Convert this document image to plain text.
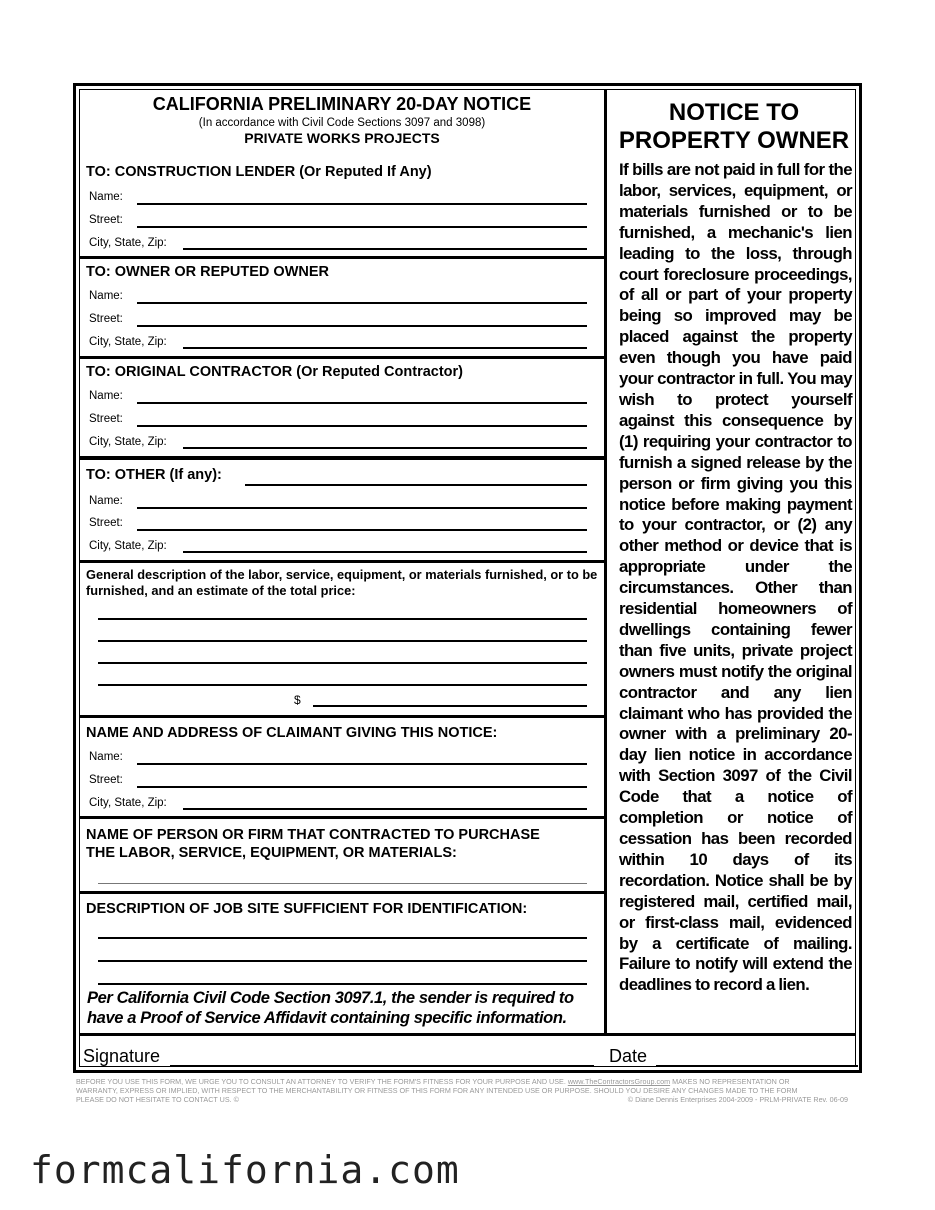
CALIFORNIA PRELIMINARY 20-DAY NOTICE
(In accordance with Civil Code Sections 3097 and 3098)
PRIVATE WORKS PROJECTS
TO: CONSTRUCTION LENDER (Or Reputed If Any)
Name:
Street:
City, State, Zip:
TO: OWNER OR REPUTED OWNER
Name:
Street:
City, State, Zip:
TO: ORIGINAL CONTRACTOR (Or Reputed Contractor)
Name:
Street:
City, State, Zip:
TO: OTHER (If any):
Name:
Street:
City, State, Zip:
General description of the labor, service, equipment, or materials furnished, or to be furnished, and an estimate of the total price:
$
NAME AND ADDRESS OF CLAIMANT GIVING THIS NOTICE:
Name:
Street:
City, State, Zip:
NAME OF PERSON OR FIRM THAT CONTRACTED TO PURCHASE
THE LABOR, SERVICE, EQUIPMENT, OR MATERIALS:
DESCRIPTION OF JOB SITE SUFFICIENT FOR IDENTIFICATION:
Per California Civil Code Section 3097.1, the sender is required to have a Proof of Service Affidavit containing specific information.
NOTICE TO
PROPERTY OWNER
If bills are not paid in full for the labor, services, equipment, or materials furnished or to be furnished, a mechanic's lien leading to the loss, through court foreclosure proceedings, of all or part of your property being so improved may be placed against the property even though you have paid your contractor in full. You may wish to protect yourself against this consequence by (1) requiring your contractor to furnish a signed release by the person or firm giving you this notice before making payment to your contractor, or (2) any other method or device that is appropriate under the circumstances. Other than residential homeowners of dwellings containing fewer than five units, private project owners must notify the original contractor and any lien claimant who has provided the owner with a preliminary 20-day lien notice in accordance with Section 3097 of the Civil Code that a notice of completion or notice of cessation has been recorded within 10 days of its recordation. Notice shall be by registered mail, certified mail, or first-class mail, evidenced by a certificate of mailing. Failure to notify will extend the deadlines to record a lien.
Signature	Date
BEFORE YOU USE THIS FORM, WE URGE YOU TO CONSULT AN ATTORNEY TO VERIFY THE FORM'S FITNESS FOR YOUR PURPOSE AND USE. www.TheContractorsGroup.com MAKES NO REPRESENTATION OR
WARRANTY, EXPRESS OR IMPLIED, WITH RESPECT TO THE MERCHANTABILITY OR FITNESS OF THIS FORM FOR ANY INTENDED USE OR PURPOSE. SHOULD YOU DESIRE ANY CHANGES MADE TO THE FORM
PLEASE DO NOT HESITATE TO CONTACT US. ©	© Diane Dennis Enterprises 2004-2009 - PRLM-PRIVATE Rev. 06-09
formcalifornia.com
